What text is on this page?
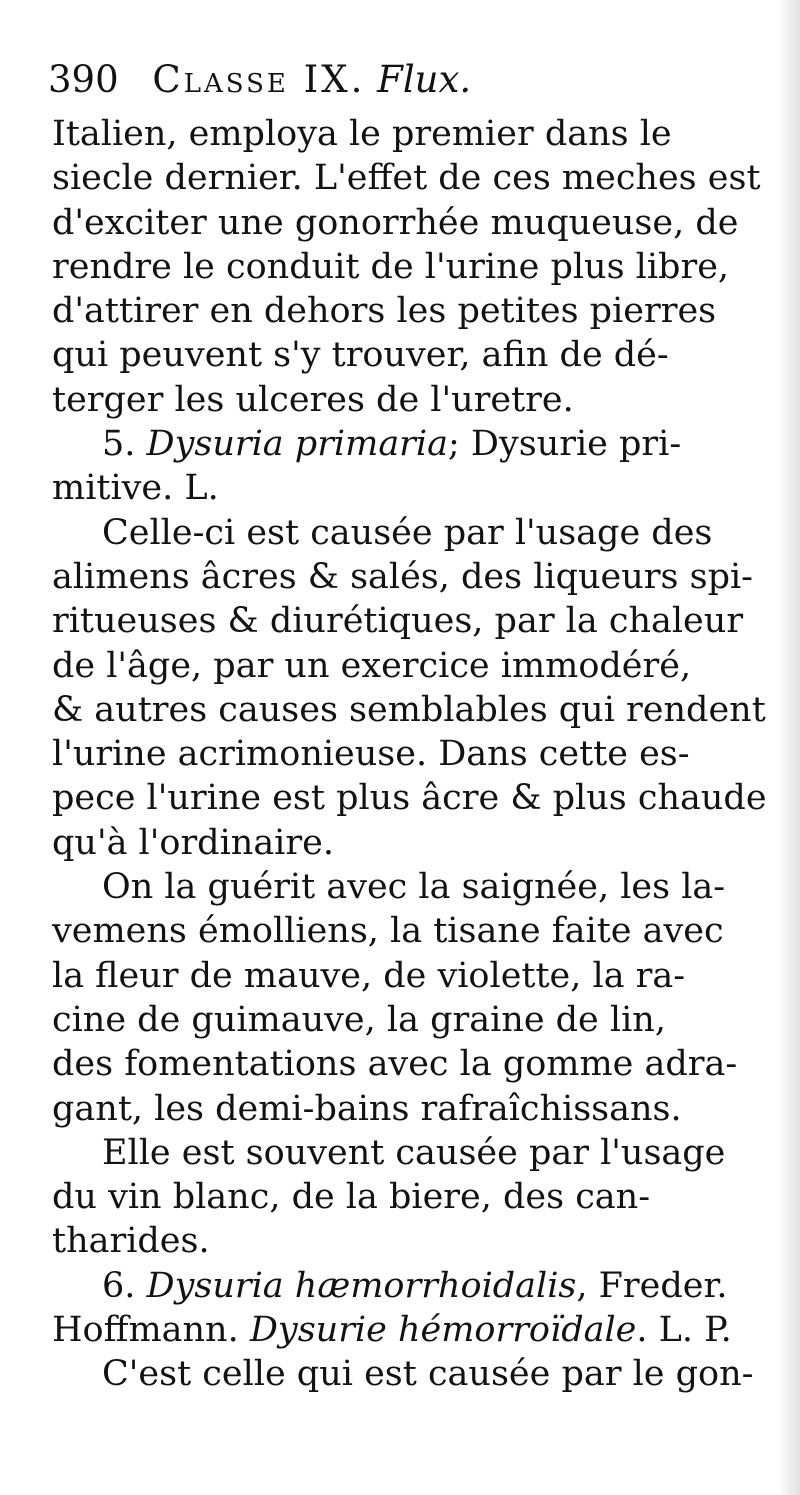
390 Classe IX. Flux.
Italien, employa le premier dans le
siecle dernier. L'effet de ces meches est
d'exciter une gonorrhée muqueuse, de
rendre le conduit de l'urine plus libre,
d'attirer en dehors les petites pierres
qui peuvent s'y trouver, afin de dé-
terger les ulceres de l'uretre.
5. Dysuria primaria; Dysurie pri-
mitive. L.
Celle-ci est causée par l'usage des
alimens âcres & salés, des liqueurs spi-
ritueuses & diurétiques, par la chaleur
de l'âge, par un exercice immodéré,
& autres causes semblables qui rendent
l'urine acrimonieuse. Dans cette es-
pece l'urine est plus âcre & plus chaude
qu'à l'ordinaire.
On la guérit avec la saignée, les la-
vemens émolliens, la tisane faite avec
la fleur de mauve, de violette, la ra-
cine de guimauve, la graine de lin,
des fomentations avec la gomme adra-
gant, les demi-bains rafraîchissans.
Elle est souvent causée par l'usage
du vin blanc, de la biere, des can-
tharides.
6. Dysuria hæmorrhoidalis, Freder.
Hoffmann. Dysurie hémorroïdale. L. P.
C'est celle qui est causée par le gon-
